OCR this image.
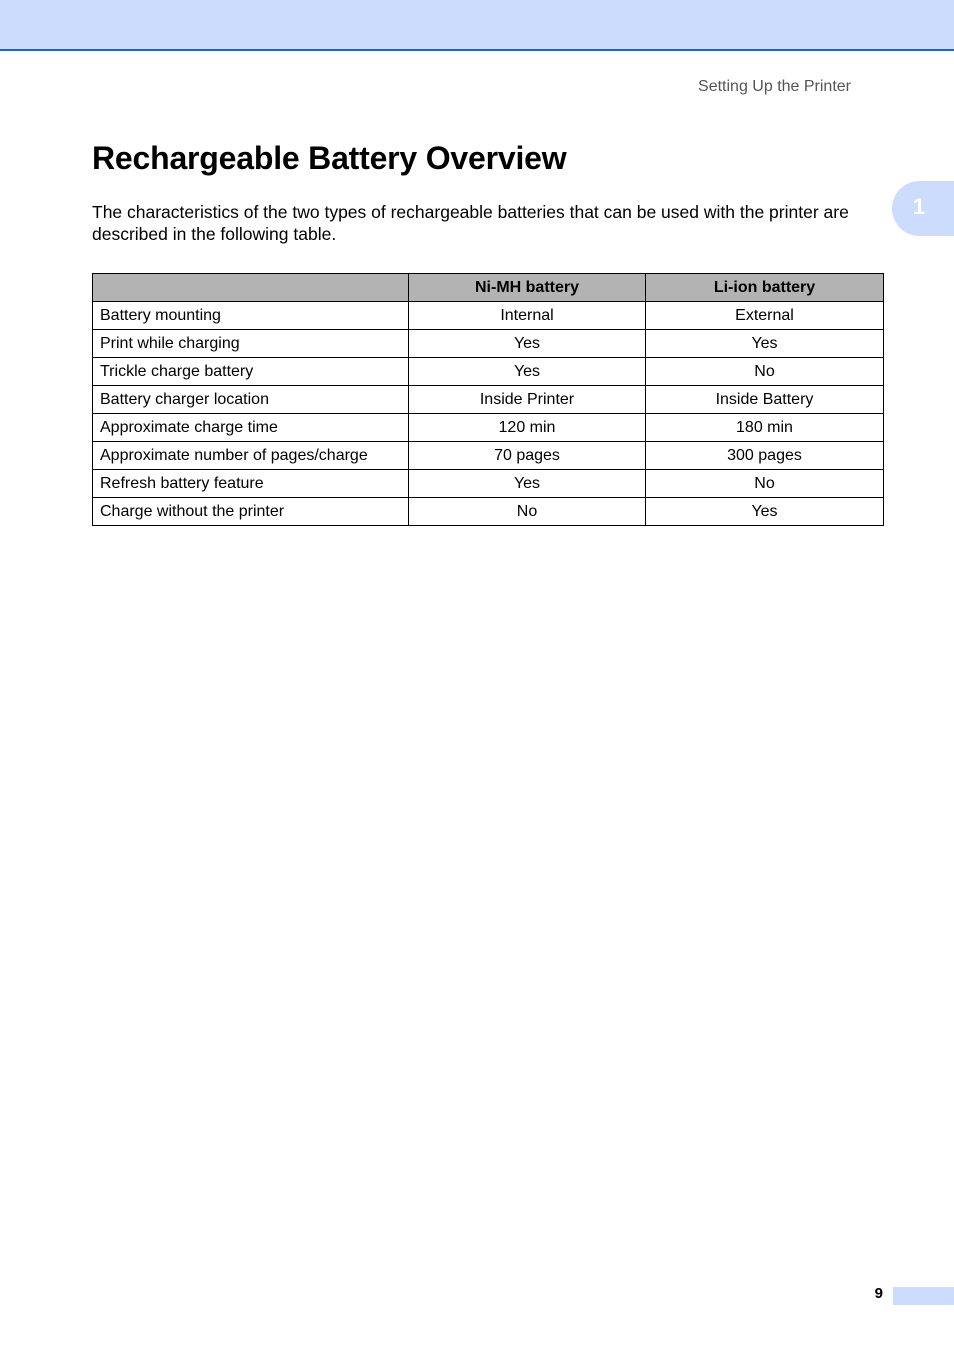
Setting Up the Printer
1
Rechargeable Battery Overview

The characteristics of the two types of rechargeable batteries that can be used with the printer are described in the following table.

	Ni-MH battery	Li-ion battery
Battery mounting	Internal	External
Print while charging	Yes	Yes
Trickle charge battery	Yes	No
Battery charger location	Inside Printer	Inside Battery
Approximate charge time	120 min	180 min
Approximate number of pages/charge	70 pages	300 pages
Refresh battery feature	Yes	No
Charge without the printer	No	Yes
9
